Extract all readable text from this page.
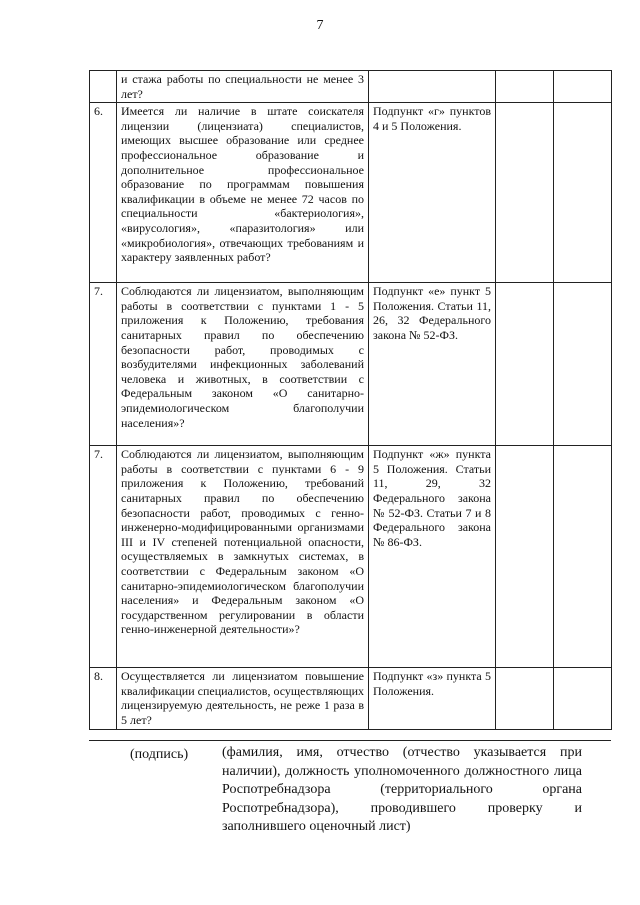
7
	и стажа работы по специальности не менее 3 лет?			
6.	Имеется ли наличие в штате соискателя лицензии (лицензиата) специалистов, имеющих высшее образование или среднее профессиональное образование и дополнительное профессиональное образование по программам повышения квалификации в объеме не менее 72 часов по специальности «бактериология», «вирусология», «паразитология» или «микробиология», отвечающих требованиям и характеру заявленных работ?	Подпункт «г» пунктов 4 и 5 Положения.		
7.	Соблюдаются ли лицензиатом, выполняющим работы в соответствии с пунктами 1 - 5 приложения к Положению, требования санитарных правил по обеспечению безопасности работ, проводимых с возбудителями инфекционных заболеваний человека и животных, в соответствии с Федеральным законом «О санитарно-эпидемиологическом благополучии населения»?	Подпункт «е» пункт 5 Положения. Статьи 11, 26, 32 Федерального закона № 52-ФЗ.		
7.	Соблюдаются ли лицензиатом, выполняющим работы в соответствии с пунктами 6 - 9 приложения к Положению, требований санитарных правил по обеспечению безопасности работ, проводимых с генно-инженерно-модифицированными организмами III и IV степеней потенциальной опасности, осуществляемых в замкнутых системах, в соответствии с Федеральным законом «О санитарно-эпидемиологическом благополучии населения» и Федеральным законом «О государственном регулировании в области генно-инженерной деятельности»?	Подпункт «ж» пункта 5 Положения. Статьи 11, 29, 32 Федерального закона № 52-ФЗ. Статьи 7 и 8 Федерального закона № 86-ФЗ.		
8.	Осуществляется ли лицензиатом повышение квалификации специалистов, осуществляющих лицензируемую деятельность, не реже 1 раза в 5 лет?	Подпункт «з» пункта 5 Положения.		
(подпись) (фамилия, имя, отчество (отчество указывается при наличии), должность уполномоченного должностного лица Роспотребнадзора (территориального органа Роспотребнадзора), проводившего проверку и заполнившего оценочный лист)
